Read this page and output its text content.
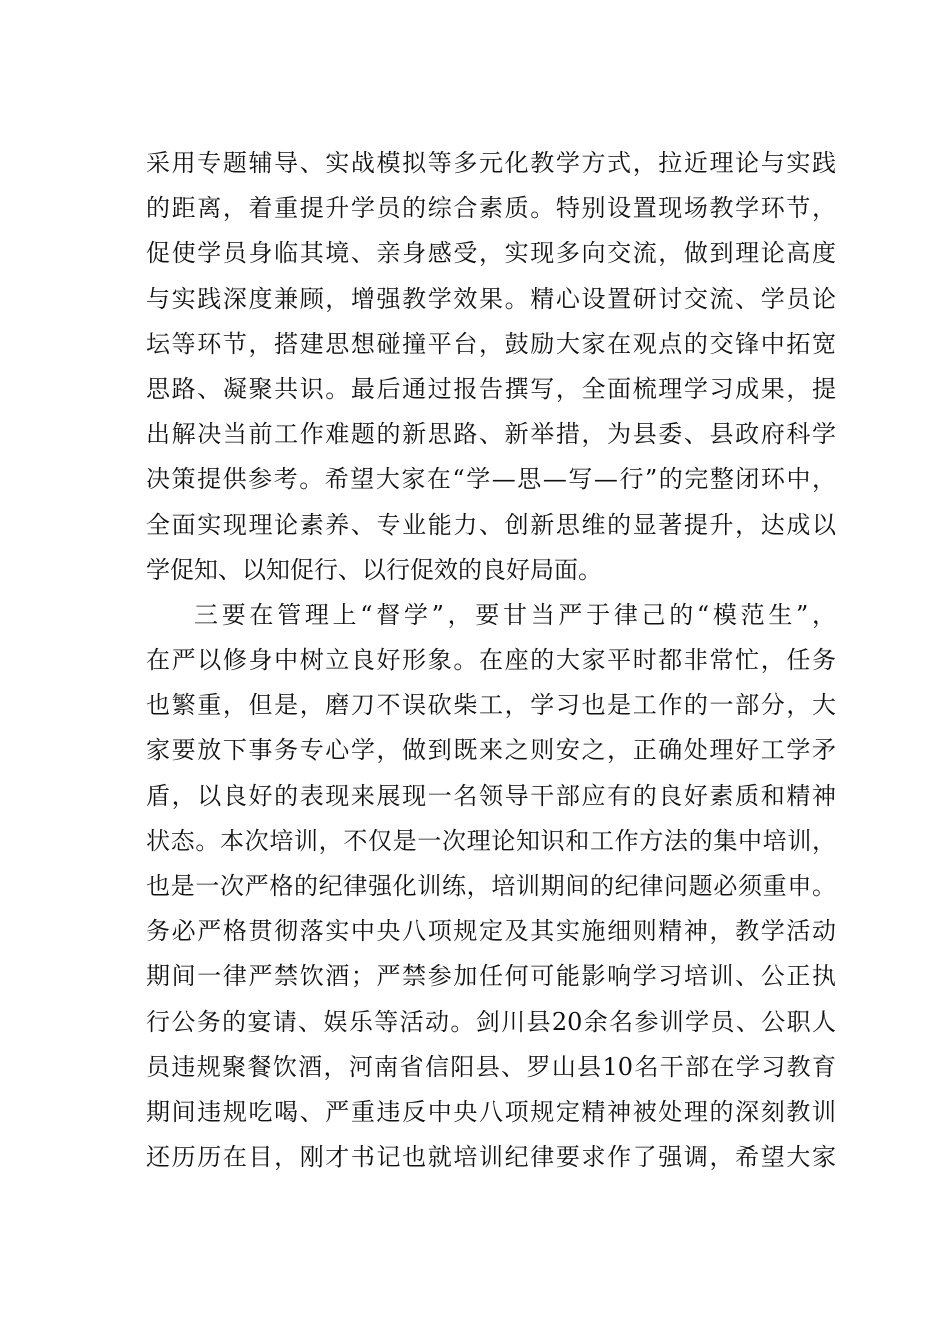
采用专题辅导、实战模拟等多元化教学方式，拉近理论与实践
的距离，着重提升学员的综合素质。特别设置现场教学环节，
促使学员身临其境、亲身感受，实现多向交流，做到理论高度
与实践深度兼顾，增强教学效果。精心设置研讨交流、学员论
坛等环节，搭建思想碰撞平台，鼓励大家在观点的交锋中拓宽
思路、凝聚共识。最后通过报告撰写，全面梳理学习成果，提
出解决当前工作难题的新思路、新举措，为县委、县政府科学
决策提供参考。希望大家在“学—思—写—行”的完整闭环中，
全面实现理论素养、专业能力、创新思维的显著提升，达成以
学促知、以知促行、以行促效的良好局面。
三要在管理上“督学”，要甘当严于律己的“模范生”，
在严以修身中树立良好形象。在座的大家平时都非常忙，任务
也繁重，但是，磨刀不误砍柴工，学习也是工作的一部分，大
家要放下事务专心学，做到既来之则安之，正确处理好工学矛
盾，以良好的表现来展现一名领导干部应有的良好素质和精神
状态。本次培训，不仅是一次理论知识和工作方法的集中培训，
也是一次严格的纪律强化训练，培训期间的纪律问题必须重申。
务必严格贯彻落实中央八项规定及其实施细则精神，教学活动
期间一律严禁饮酒；严禁参加任何可能影响学习培训、公正执
行公务的宴请、娱乐等活动。剑川县20余名参训学员、公职人
员违规聚餐饮酒，河南省信阳县、罗山县10名干部在学习教育
期间违规吃喝、严重违反中央八项规定精神被处理的深刻教训
还历历在目，刚才书记也就培训纪律要求作了强调，希望大家
